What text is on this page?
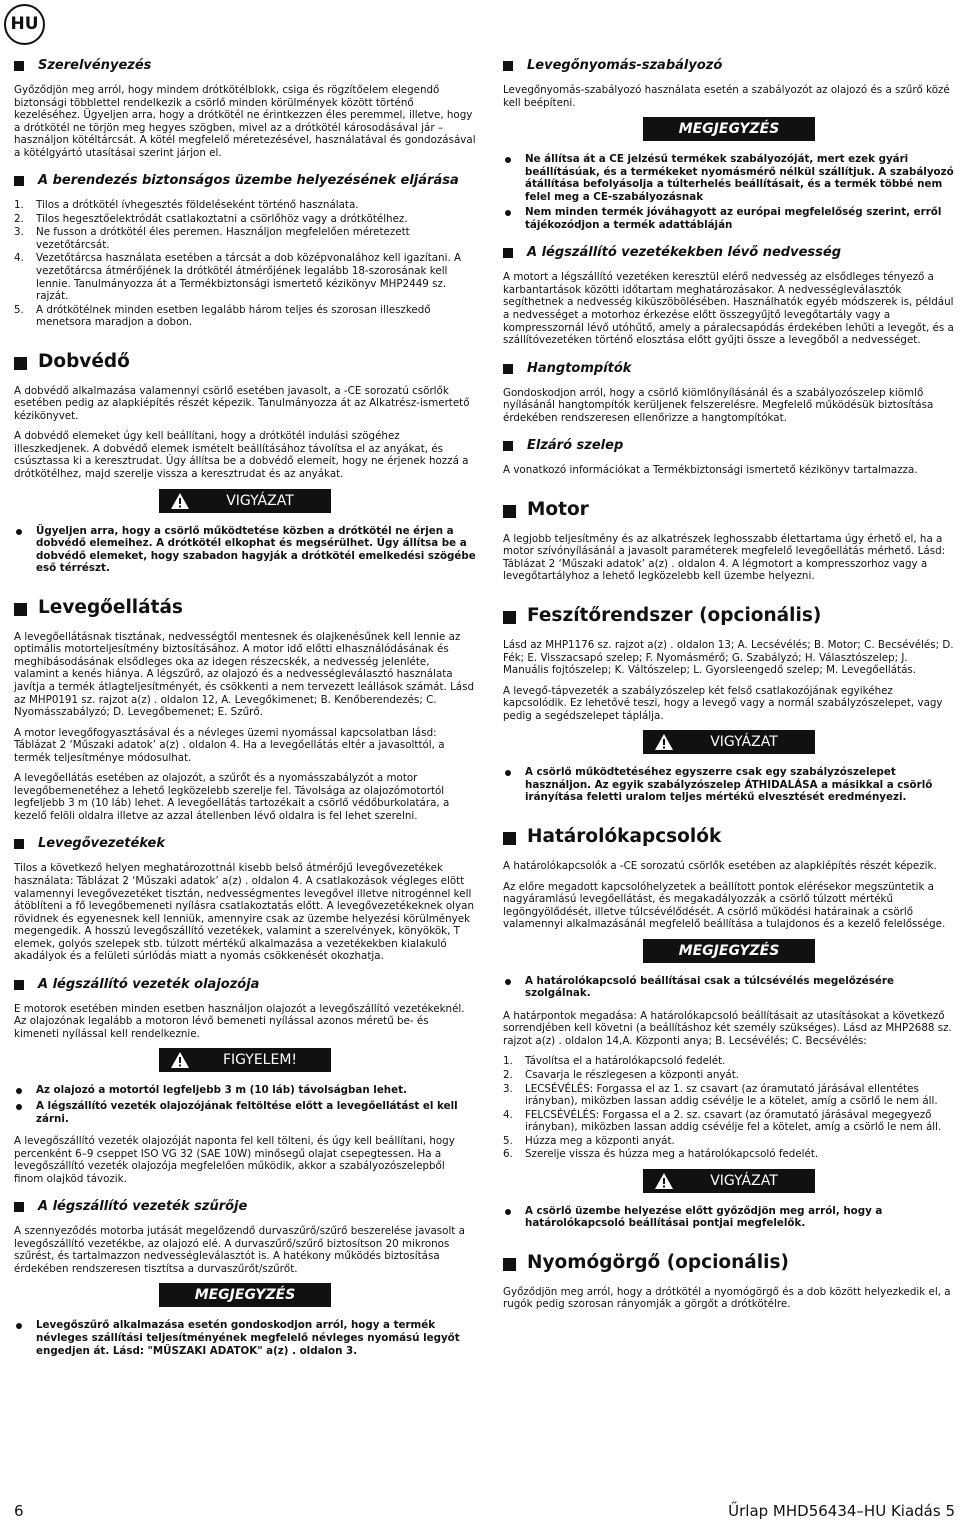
HU
Szerelvényezés

Győződjön meg arról, hogy mindem drótkötélblokk, csiga és rögzítőelem elegendő biztonsági többlettel rendelkezik a csörlő minden körülmények között történő kezeléséhez. Ügyeljen arra, hogy a drótkötél ne érintkezzen éles peremmel, illetve, hogy a drótkötél ne törjön meg hegyes szögben, mivel az a drótkötél károsodásával jár – használjon kötéltárcsát. A kötél megfelelő méretezésével, használatával és gondozásával a kötélgyártó utasításai szerint járjon el.

A berendezés biztonságos üzembe helyezésének eljárása
1. Tilos a drótkötél ívhegesztés földeléseként történő használata.
2. Tilos hegesztőelektródát csatlakoztatni a csörlőhöz vagy a drótkötélhez.
3. Ne fusson a drótkötél éles peremen. Használjon megfelelően méretezett vezetőtárcsát.
4. Vezetőtárcsa használata esetében a tárcsát a dob középvonalához kell igazítani. A vezetőtárcsa átmérőjének la drótkötél átmérőjének legalább 18-szorosának kell lennie. Tanulmányozza át a Termékbiztonsági ismertető kézikönyv MHP2449 sz. rajzát.
5. A drótkötélnek minden esetben legalább három teljes és szorosan illeszkedő menetsora maradjon a dobon.
Dobvédő

A dobvédő alkalmazása valamennyi csörlő esetében javasolt, a -CE sorozatú csörlők esetében pedig az alapkiépítés részét képezik. Tanulmányozza át az Alkatrész-ismertető kézikönyvet.

A dobvédő elemeket úgy kell beállítani, hogy a drótkötél indulási szögéhez illeszkedjenek. A dobvédő elemek ismételt beállításához távolítsa el az anyákat, és csúsztassa ki a keresztrudat. Úgy állítsa be a dobvédő elemeit, hogy ne érjenek hozzá a drótkötélhez, majd szerelje vissza a keresztrudat és az anyákat.

VIGYÁZAT
Ügyeljen arra, hogy a csörlő működtetése közben a drótkötél ne érjen a dobvédő elemeihez. A drótkötél elkophat és megsérülhet. Úgy állítsa be a dobvédő elemeket, hogy szabadon hagyják a drótkötél emelkedési szögébe eső térrészt.
Levegőellátás

A levegőellátásnak tisztának, nedvességtől mentesnek és olajkenésűnek kell lennie az optimális motorteljesítmény biztosításához. A motor idő előtti elhasználódásának és meghibásodásának elsődleges oka az idegen részecskék, a nedvesség jelenléte, valamint a kenés hiánya. A légszűrő, az olajozó és a nedvességleválasztó használata javítja a termék átlagteljesítményét, és csökkenti a nem tervezett leállások számát. Lásd az MHP0191 sz. rajzot a(z) . oldalon 12, A. Levegőkimenet; B. Kenőberendezés; C. Nyomásszabályzó; D. Levegőbemenet; E. Szűrő.

A motor levegőfogyasztásával és a névleges üzemi nyomással kapcsolatban lásd: Táblázat 2 ‘Műszaki adatok’ a(z) . oldalon 4. Ha a levegőellátás eltér a javasolttól, a termék teljesítménye módosulhat.

A levegőellátás esetében az olajozót, a szűrőt és a nyomásszabályzót a motor levegőbemenetéhez a lehető legközelebb szerelje fel. Távolsága az olajozómotortól legfeljebb 3 m (10 láb) lehet. A levegőellátás tartozékait a csörlő védőburkolatára, a kezelő felöli oldalra illetve az azzal átellenben lévő oldalra is fel lehet szerelni.

Levegővezetékek

Tilos a következő helyen meghatározottnál kisebb belső átmérőjű levegővezetékek használata: Táblázat 2 ‘Műszaki adatok’ a(z) . oldalon 4. A csatlakozások végleges elött valamennyi levegővezetéket tisztán, nedvességmentes levegővel illetve nitrogénnel kell átöblíteni a fő levegőbemeneti nyílásra csatlakoztatás előtt. A levegővezetékeknek olyan rövidnek és egyenesnek kell lenniük, amennyire csak az üzembe helyezési körülmények megengedik. A hosszú levegőszállító vezetékek, valamint a szerelvények, könyökök, T elemek, golyós szelepek stb. túlzott mértékű alkalmazása a vezetékekben kialakuló akadályok és a felületi súrlódás miatt a nyomás csökkenését okozhatja.

A légszállító vezeték olajozója

E motorok esetében minden esetben használjon olajozót a levegőszállító vezetékeknél. Az olajozónak legalább a motoron lévő bemeneti nyílással azonos méretű be- és kimeneti nyílással kell rendelkeznie.

FIGYELEM!
Az olajozó a motortól legfeljebb 3 m (10 láb) távolságban lehet.
A légszállító vezeték olajozójának feltöltése előtt a levegőellátást el kell zárni.

A levegőszállító vezeték olajozóját naponta fel kell tölteni, és úgy kell beállítani, hogy percenként 6–9 cseppet ISO VG 32 (SAE 10W) minősegű olajat csepegtessen. Ha a levegőszállító vezeték olajozója megfelelően működik, akkor a szabályozószelepből finom olajköd távozik.

A légszállító vezeték szűrője

A szennyeződés motorba jutását megelőzendő durvaszűrő/szűrő beszerelése javasolt a levegőszállító vezetékbe, az olajozó elé. A durvaszűrő/szűrő biztosítson 20 mikronos szűrést, és tartalmazzon nedvességleválasztót is. A hatékony működés biztosítása érdekében rendszeresen tisztítsa a durvaszűrőt/szűrőt.

MEGJEGYZÉS
Levegőszűrő alkalmazása esetén gondoskodjon arról, hogy a termék névleges szállítási teljesítményének megfelelő névleges nyomású legyőt engedjen át. Lásd: "MŰSZAKI ADATOK" a(z) . oldalon 3.
Levegőnyomás-szabályozó

Levegőnyomás-szabályozó használata esetén a szabályozót az olajozó és a szűrő közé kell beépíteni.

MEGJEGYZÉS
Ne állítsa át a CE jelzésű termékek szabályozóját, mert ezek gyári beállításúak, és a termékeket nyomásmérő nélkül szállítjuk. A szabályozó átállítása befolyásolja a túlterhelés beállításait, és a termék többé nem felel meg a CE-szabályozásnak
Nem minden termék jóváhagyott az európai megfelelőség szerint, erről tájékozódjon a termék adattábláján
A légszállító vezetékekben lévő nedvesség

A motort a légszállító vezetéken keresztül elérő nedvesség az elsődleges tényező a karbantartások közötti időtartam meghatározásakor. A nedvességleválasztók segíthetnek a nedvesség kiküszöbölésében. Használhatók egyéb módszerek is, például a nedvességet a motorhoz érkezése előtt összegyűjtő levegőtartály vagy a kompresszornál lévő utóhűtő, amely a páralecsapódás érdekében lehűti a levegőt, és a szállítóvezetéken történő elosztása előtt gyűjti össze a levegőből a nedvességet.

Hangtompítók

Gondoskodjon arról, hogy a csörlő kiömlőnyílásánál és a szabályozószelep kiömlő nyílásánál hangtompítók kerüljenek felszerelésre. Megfelelő működésük biztosítása érdekében rendszeresen ellenőrizze a hangtompítókat.

Elzáró szelep

A vonatkozó információkat a Termékbiztonsági ismertető kézikönyv tartalmazza.

Motor

A legjobb teljesítmény és az alkatrészek leghosszabb élettartama úgy érhető el, ha a motor szívónyílásánál a javasolt paraméterek megfelelő levegőellátás mérhető. Lásd: Táblázat 2 ‘Műszaki adatok’ a(z) . oldalon 4. A légmotort a kompresszorhoz vagy a levegőtartályhoz a lehető legközelebb kell üzembe helyezni.

Feszítőrendszer (opcionális)

Lásd az MHP1176 sz. rajzot a(z) . oldalon 13; A. Lecsévélés; B. Motor; C. Becsévélés; D. Fék; E. Visszacsapó szelep; F. Nyomásmérő; G. Szabályzó; H. Választószelep; J. Manuális fojtószelep; K. Váltószelep; L. Gyorsleengedő szelep; M. Levegőellátás.

A levegő-tápvezeték a szabályzószelep két felső csatlakozójának egyikéhez kapcsolódik. Ez lehetővé teszi, hogy a levegő vagy a normál szabályzószelepet, vagy pedig a segédszelepet táplálja.

VIGYÁZAT
A csörlő működtetéséhez egyszerre csak egy szabályzószelepet használjon. Az egyik szabályzószelep ÁTHIDALÁSA a másikkal a csörlő irányítása feletti uralom teljes mértékű elvesztését eredményezi.
Határolókapcsolók

A határolókapcsolók a -CE sorozatú csörlők esetében az alapkiépítés részét képezik.

Az előre megadott kapcsolóhelyzetek a beállított pontok elérésekor megszüntetik a nagyáramlású levegőellátást, és megakadályozzák a csörlő túlzott mértékű legöngyölődését, illetve túlcsévélődését. A csörlő működési határainak a csörlő valamennyi alkalmazásánál megfelelő beállítása a tulajdonos és a kezelő felelőssége.

MEGJEGYZÉS
A határolókapcsoló beállításai csak a túlcsévélés megelőzésére szolgálnak.

A határpontok megadása: A határolókapcsoló beállításait az utasításokat a következő sorrendjében kell követni (a beállításhoz két személy szükséges). Lásd az MHP2688 sz. rajzot a(z) . oldalon 14,A. Központi anya; B. Lecsévélés; C. Becsévélés:

1. Távolítsa el a határolókapcsoló fedelét.
2. Csavarja le részlegesen a központi anyát.
3. LECSÉVÉLÉS: Forgassa el az 1. sz csavart (az óramutató járásával ellentétes irányban), miközben lassan addig csévélje le a kötelet, amíg a csörlő le nem áll.
4. FELCSÉVÉLÉS: Forgassa el a 2. sz. csavart (az óramutató járásával megegyező irányban), miközben lassan addig csévélje fel a kötelet, amíg a csörlő le nem áll.
5. Húzza meg a központi anyát.
6. Szerelje vissza és húzza meg a határolókapcsoló fedelét.
VIGYÁZAT
A csörlő üzembe helyezése előtt győződjön meg arról, hogy a határolókapcsoló beállításai pontjai megfelelők.
Nyomógörgő (opcionális)

Győződjön meg arról, hogy a drótkötél a nyomógörgő és a dob között helyezkedik el, a rugók pedig szorosan rányomják a görgőt a drótkötélre.

6	Űrlap MHD56434–HU Kiadás 5
